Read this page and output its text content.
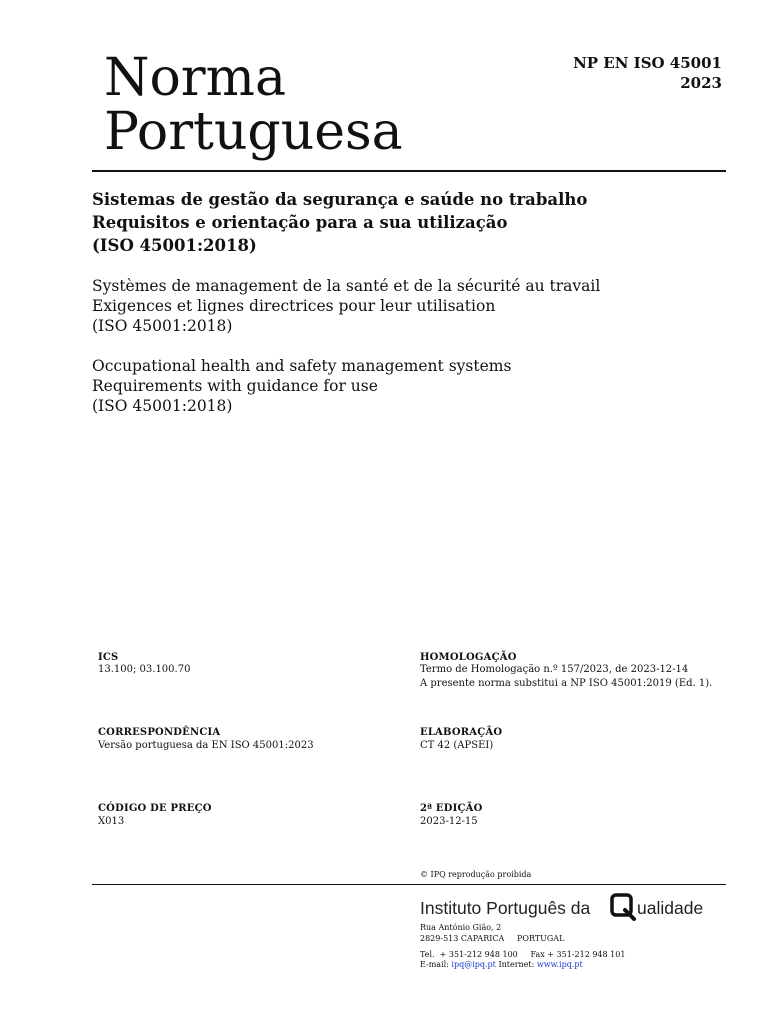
Norma
Portuguesa
NP EN ISO 45001
2023
Sistemas de gestão da segurança e saúde no trabalho
Requisitos e orientação para a sua utilização
(ISO 45001:2018)
Systèmes de management de la santé et de la sécurité au travail
Exigences et lignes directrices pour leur utilisation
(ISO 45001:2018)
Occupational health and safety management systems
Requirements with guidance for use
(ISO 45001:2018)
ICS
13.100; 03.100.70
HOMOLOGAÇÃO
Termo de Homologação n.º 157/2023, de 2023-12-14
A presente norma substitui a NP ISO 45001:2019 (Ed. 1).
CORRESPONDÊNCIA
Versão portuguesa da EN ISO 45001:2023
ELABORAÇÃO
CT 42 (APSEI)
CÓDIGO DE PREÇO
X013
2ª EDIÇÃO
2023-12-15
© IPQ reprodução proibida
Instituto Português da	ualidade
Rua António Gião, 2
2829-513 CAPARICA     PORTUGAL
Tel.  + 351-212 948 100     Fax + 351-212 948 101
E-mail: ipq@ipq.pt Internet: www.ipq.pt
